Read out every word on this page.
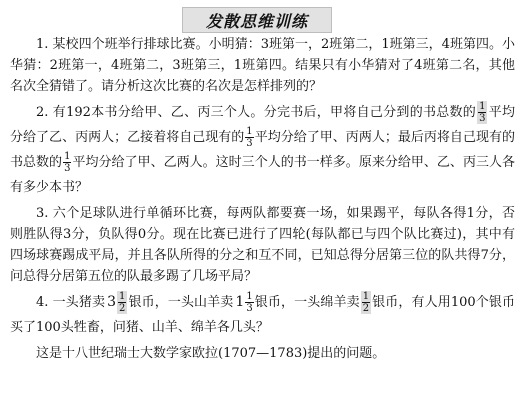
发散思维训练

1. 某校四个班举行排球比赛。小明猜：3班第一，2班第二，1班第三，4班第四。小华猜：2班第一，4班第二，3班第三，1班第四。结果只有小华猜对了4班第二名，其他名次全猜错了。请分析这次比赛的名次是怎样排列的？

2. 有192本书分给甲、乙、丙三个人。分完书后，甲将自己分到的书总数的 $\frac{1}{3}$ 平均分给了乙、丙两人；乙接着将自己现有的 $\frac{1}{3}$ 平均分给了甲、丙两人；最后丙将自己现有的书总数的 $\frac{1}{3}$ 平均分给了甲、乙两人。这时三个人的书一样多。原来分给甲、乙、丙三人各有多少本书？

3. 六个足球队进行单循环比赛，每两队都要赛一场，如果踢平，每队各得1分，否则胜队得3分，负队得0分。现在比赛已进行了四轮(每队都已与四个队比赛过)，其中有四场球赛踢成平局，并且各队所得的分之和互不同，已知总得分居第三位的队共得7分，问总得分居第五位的队最多踢了几场平局？

4. 一头猪卖 $3 \frac{1}{2}$ 银币，一头山羊卖 $1 \frac{1}{3}$ 银币，一头绵羊卖 $\frac{1}{2}$ 银币，有人用100个银币买了100头牲畜，问猪、山羊、绵羊各几头？

这是十八世纪瑞士大数学家欧拉(1707—1783)提出的问题。
